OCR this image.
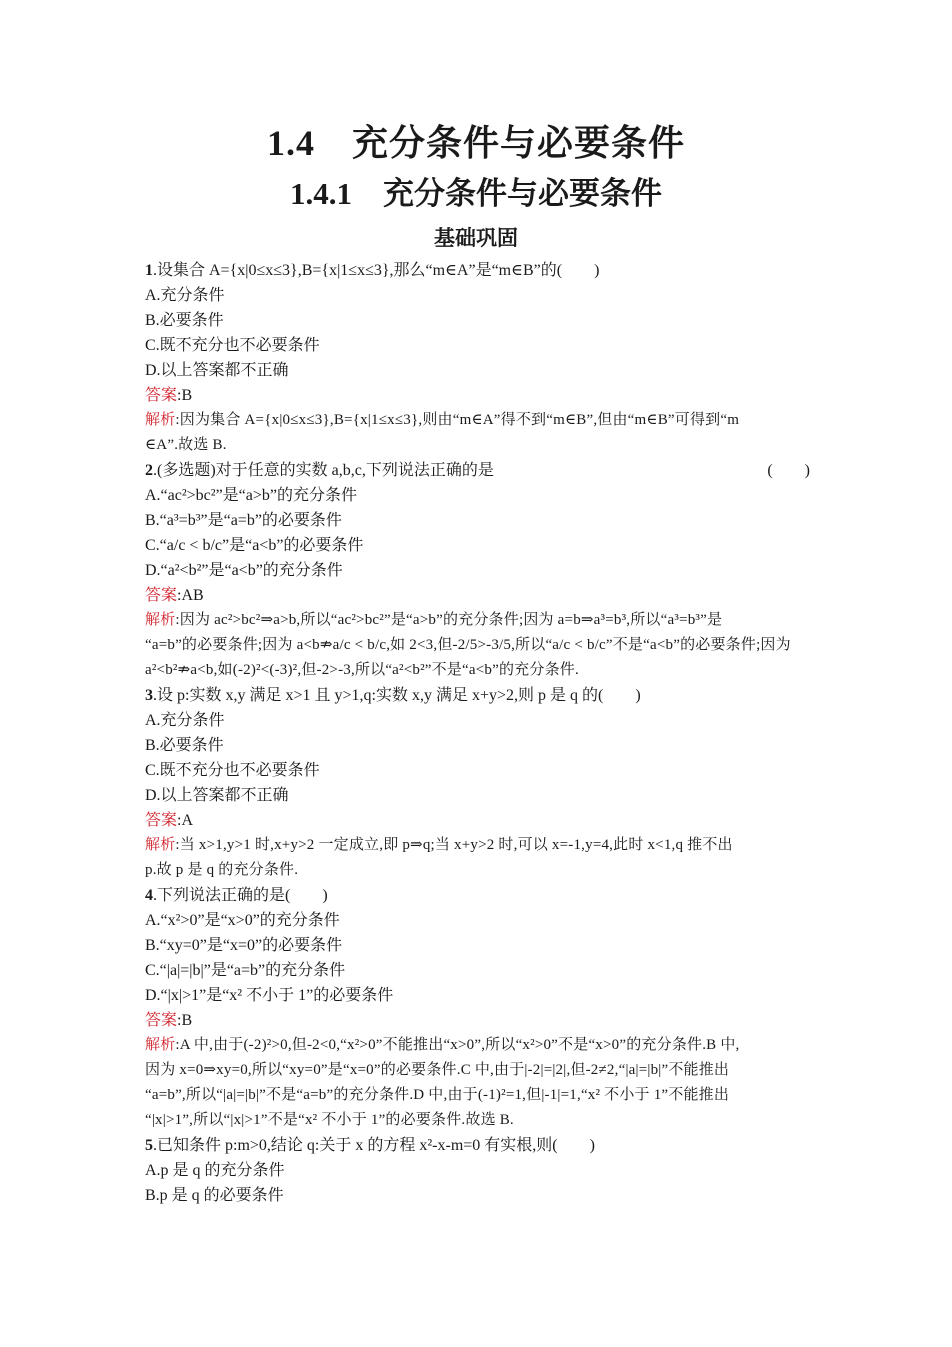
1.4　充分条件与必要条件
1.4.1　充分条件与必要条件
基础巩固
1.设集合 A={x|0≤x≤3},B={x|1≤x≤3},那么“m∈A”是“m∈B”的(　　)
A.充分条件
B.必要条件
C.既不充分也不必要条件
D.以上答案都不正确
答案:B
解析:因为集合 A={x|0≤x≤3},B={x|1≤x≤3},则由“m∈A”得不到“m∈B”,但由“m∈B”可得到“m
∈A”.故选 B.
2.(多选题)对于任意的实数 a,b,c,下列说法正确的是	(　　)
A.“ac²>bc²”是“a>b”的充分条件
B.“a³=b³”是“a=b”的必要条件
C.“a/c < b/c”是“a<b”的必要条件
D.“a²<b²”是“a<b”的充分条件
答案:AB
解析:因为 ac²>bc²⇒a>b,所以“ac²>bc²”是“a>b”的充分条件;因为 a=b⇒a³=b³,所以“a³=b³”是
“a=b”的必要条件;因为 a<b⇏a/c < b/c,如 2<3,但-2/5>-3/5,所以“a/c < b/c”不是“a<b”的必要条件;因为
a²<b²⇏a<b,如(-2)²<(-3)²,但-2>-3,所以“a²<b²”不是“a<b”的充分条件.
3.设 p:实数 x,y 满足 x>1 且 y>1,q:实数 x,y 满足 x+y>2,则 p 是 q 的(　　)
A.充分条件
B.必要条件
C.既不充分也不必要条件
D.以上答案都不正确
答案:A
解析:当 x>1,y>1 时,x+y>2 一定成立,即 p⇒q;当 x+y>2 时,可以 x=-1,y=4,此时 x<1,q 推不出
p.故 p 是 q 的充分条件.
4.下列说法正确的是(　　)
A.“x²>0”是“x>0”的充分条件
B.“xy=0”是“x=0”的必要条件
C.“|a|=|b|”是“a=b”的充分条件
D.“|x|>1”是“x² 不小于 1”的必要条件
答案:B
解析:A 中,由于(-2)²>0,但-2<0,“x²>0”不能推出“x>0”,所以“x²>0”不是“x>0”的充分条件.B 中,
因为 x=0⇒xy=0,所以“xy=0”是“x=0”的必要条件.C 中,由于|-2|=|2|,但-2≠2,“|a|=|b|”不能推出
“a=b”,所以“|a|=|b|”不是“a=b”的充分条件.D 中,由于(-1)²=1,但|-1|=1,“x² 不小于 1”不能推出
“|x|>1”,所以“|x|>1”不是“x² 不小于 1”的必要条件.故选 B.
5.已知条件 p:m>0,结论 q:关于 x 的方程 x²-x-m=0 有实根,则(　　)
A.p 是 q 的充分条件
B.p 是 q 的必要条件
